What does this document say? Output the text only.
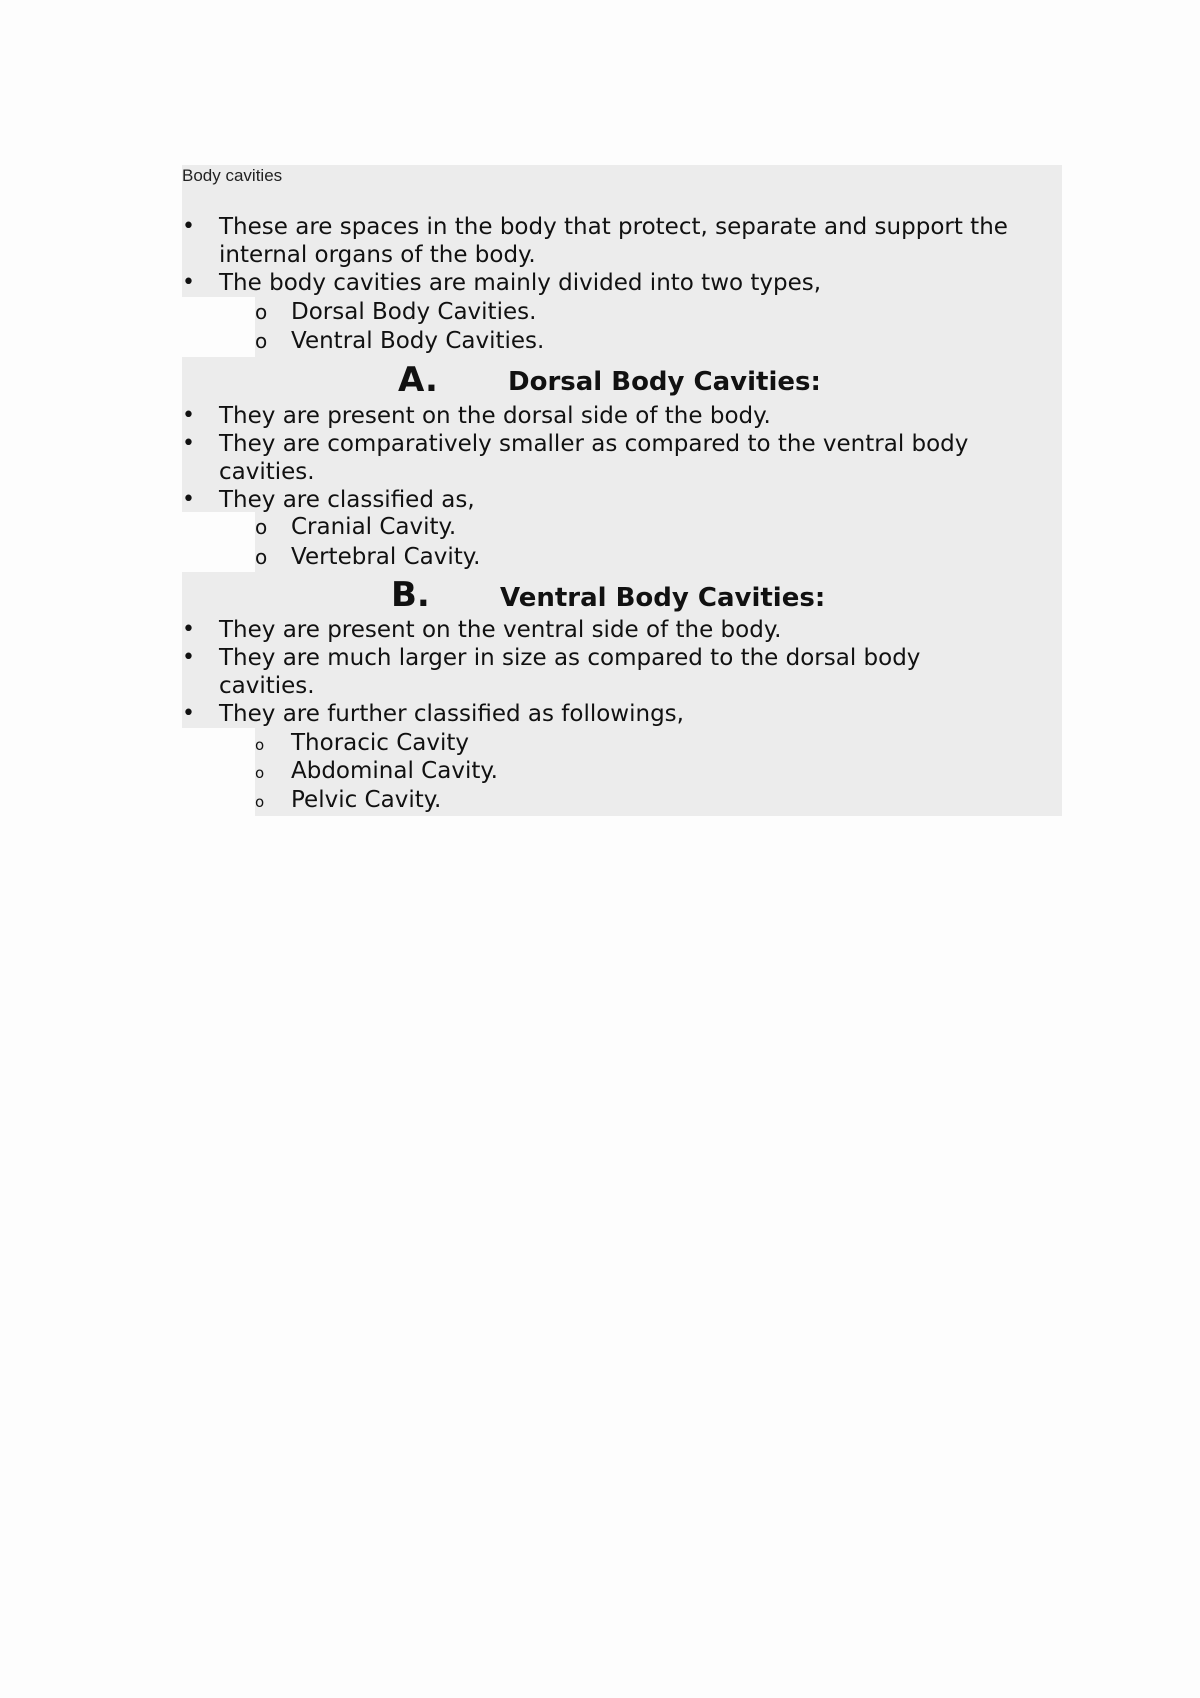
Body cavities
•	These are spaces in the body that protect, separate and support the internal organs of the body.
•	The body cavities are mainly divided into two types,
o Dorsal Body Cavities.
o Ventral Body Cavities.
A.	Dorsal Body Cavities:
•	They are present on the dorsal side of the body.
•	They are comparatively smaller as compared to the ventral body cavities.
•	They are classified as,
o Cranial Cavity.
o Vertebral Cavity.
B.	Ventral Body Cavities:
•	They are present on the ventral side of the body.
•	They are much larger in size as compared to the dorsal body cavities.
•	They are further classified as followings,
o Thoracic Cavity
o Abdominal Cavity.
o Pelvic Cavity.
